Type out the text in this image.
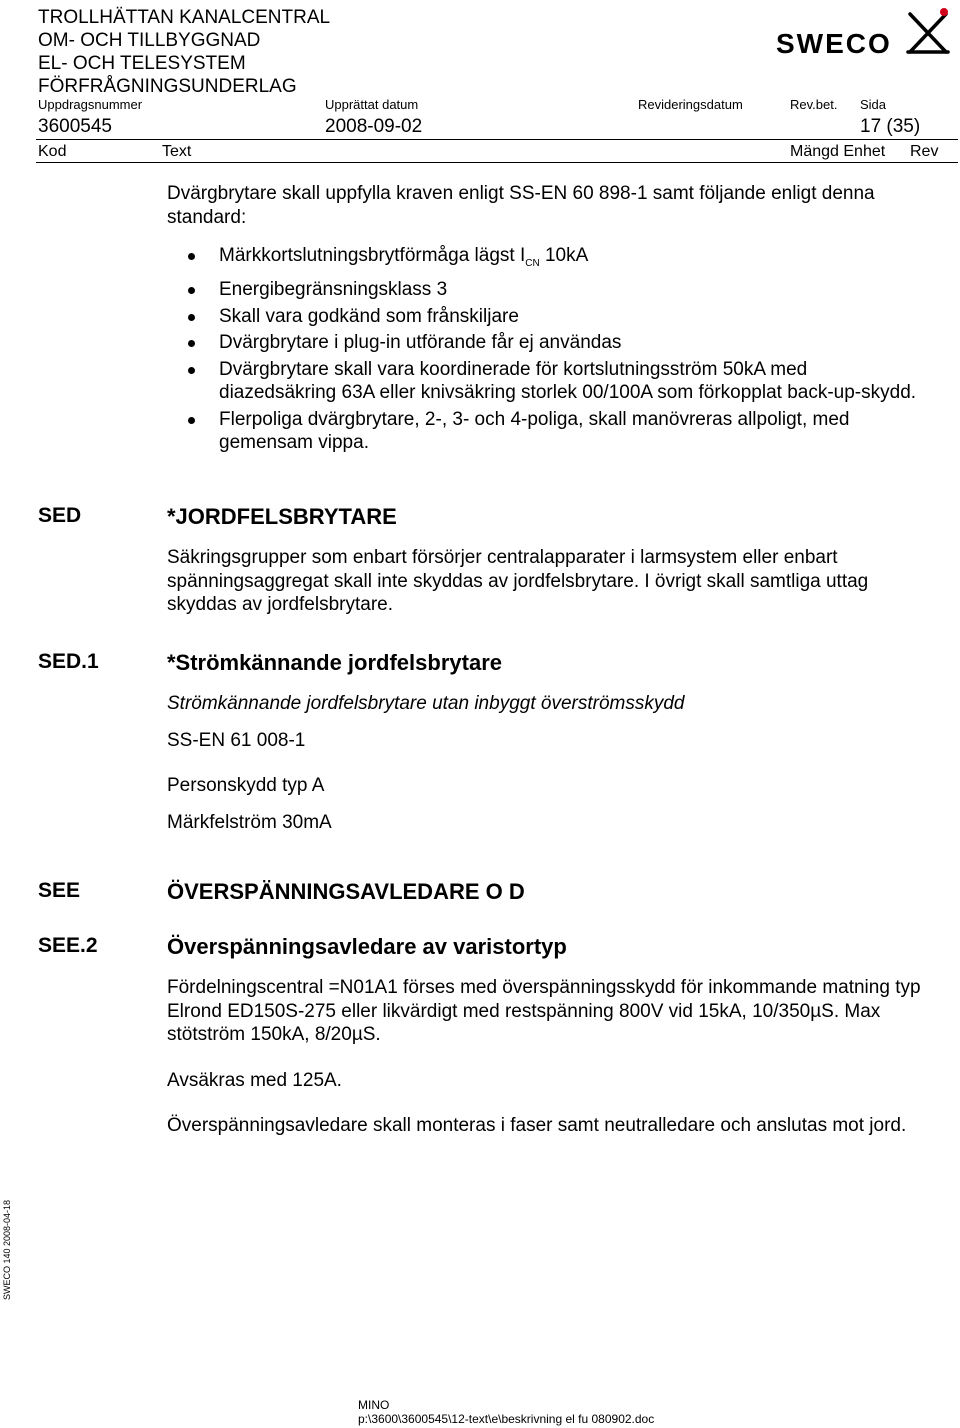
TROLLHÄTTAN KANALCENTRAL
OM- OCH TILLBYGGNAD
EL- OCH TELESYSTEM
FÖRFRÅGNINGSUNDERLAG
SWECO
Uppdragsnummer	Upprättat datum	Revideringsdatum	Rev.bet. Sida
3600545	2008-09-02	17 (35)
Kod	Text	Mängd Enhet Rev
Dvärgbrytare skall uppfylla kraven enligt SS-EN 60 898-1 samt följande enligt denna standard:
Märkkortslutningsbrytförmåga lägst $I_{CN}$ 10kA
Energibegränsningsklass 3
Skall vara godkänd som frånskiljare
Dvärgbrytare i plug-in utförande får ej användas
Dvärgbrytare skall vara koordinerade för kortslutningsström 50kA med diazedsäkring 63A eller knivsäkring storlek 00/100A som förkopplat back-up-skydd.
Flerpoliga dvärgbrytare, 2-, 3- och 4-poliga, skall manövreras allpoligt, med gemensam vippa.
SED	*JORDFELSBRYTARE
Säkringsgrupper som enbart försörjer centralapparater i larmsystem eller enbart spänningsaggregat skall inte skyddas av jordfelsbrytare. I övrigt skall samtliga uttag skyddas av jordfelsbrytare.
SED.1	*Strömkännande jordfelsbrytare
Strömkännande jordfelsbrytare utan inbyggt överströmsskydd
SS-EN 61 008-1
Personskydd typ A
Märkfelström 30mA
SEE	ÖVERSPÄNNINGSAVLEDARE O D
SEE.2	Överspänningsavledare av varistortyp
Fördelningscentral =N01A1 förses med överspänningsskydd för inkommande matning typ Elrond ED150S-275 eller likvärdigt med restspänning 800V vid 15kA, 10/350µS. Max stötström 150kA, 8/20µS.
Avsäkras med 125A.
Överspänningsavledare skall monteras i faser samt neutralledare och anslutas mot jord.
SWECO 140 2008-04-18
MINO
p:\3600\3600545\12-text\e\beskrivning el fu 080902.doc
